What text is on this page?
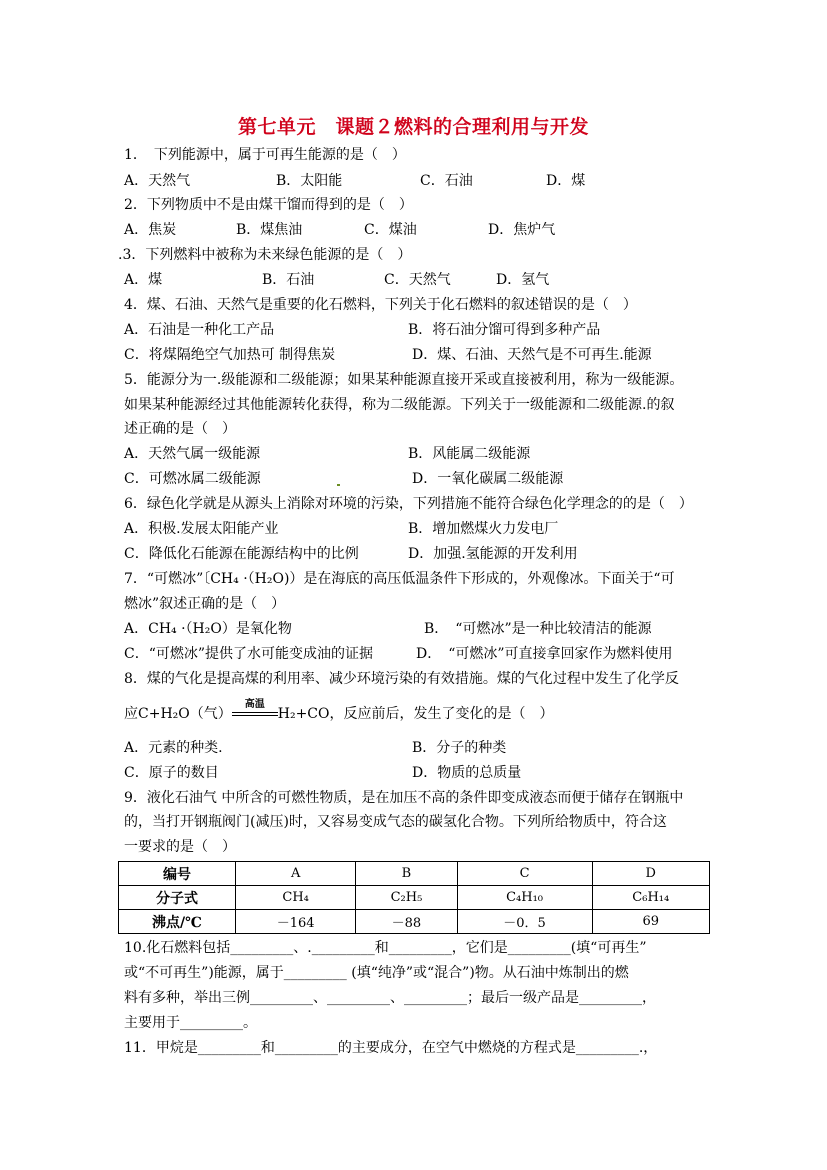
第七单元　课题２燃料的合理利用与开发
1．　下列能源中，属于可再生能源的是（　）
A．天然气	B．太阳能	C．石油	D．煤
2．下列物质中不是由煤干馏而得到的是（　）
A．焦炭	B．煤焦油	C．煤油	D．焦炉气
.3．下列燃料中被称为未来绿色能源的是（　）
A．煤	B．石油	C．天然气	D．氢气
4．煤、石油、天然气是重要的化石燃料，下列关于化石燃料的叙述错误的是（　）
A．石油是一种化工产品	B．将石油分馏可得到多种产品
C．将煤隔绝空气加热可 制得焦炭	D．煤、石油、天然气是不可再生.能源
5．能源分为一.级能源和二级能源；如果某种能源直接开采或直接被利用，称为一级能源。
如果某种能源经过其他能源转化获得，称为二级能源。下列关于一级能源和二级能源.的叙
述正确的是（　）
A．天然气属一级能源	B．风能属二级能源
C．可燃冰属二级能源	D．一氧化碳属二级能源
6．绿色化学就是从源头上消除对环境的污染，下列措施不能符合绿色化学理念的的是（　）
A．积极.发展太阳能产业	B．增加燃煤火力发电厂
C．降低化石能源在能源结构中的比例	D．加强.氢能源的开发利用
7．“可燃冰”〔CH₄ ·（H₂O)）是在海底的高压低温条件下形成的，外观像冰。下面关于“可
燃冰”叙述正确的是（　）
A．CH₄ ·（H₂O）是氧化物	B．　“可燃冰”是一种比较清洁的能源
C．“可燃冰”提供了水可能变成油的证据	D．　“可燃冰”可直接拿回家作为燃料使用
8．煤的气化是提高煤的利用率、减少环境污染的有效措施。煤的气化过程中发生了化学反
应C+H₂O（气）
高温
H₂+CO，反应前后，发生了变化的是（　）
A．元素的种类.	B．分子的种类
C．原子的数目	D．物质的总质量
9．液化石油气 中所含的可燃性物质，是在加压不高的条件即变成液态而便于储存在钢瓶中
的，当打开钢瓶阀门(减压)时，又容易变成气态的碳氢化合物。下列所给物质中，符合这
一要求的是（　）
编号	A	B	C	D
分子式	CH₄	C₂H₅	C₄H₁₀	C₆H₁₄
沸点/℃	－164	－88	－0．5	69
10.化石燃料包括_________、._________和_________，它们是_________(填“可再生”
或“不可再生”)能源，属于_________ (填“纯净”或“混合”)物。从石油中炼制出的燃
料有多种，举出三例_________、_________、_________；最后一级产品是_________，
主要用于_________。
11．甲烷是_________和_________的主要成分，在空气中燃烧的方程式是_________.，
